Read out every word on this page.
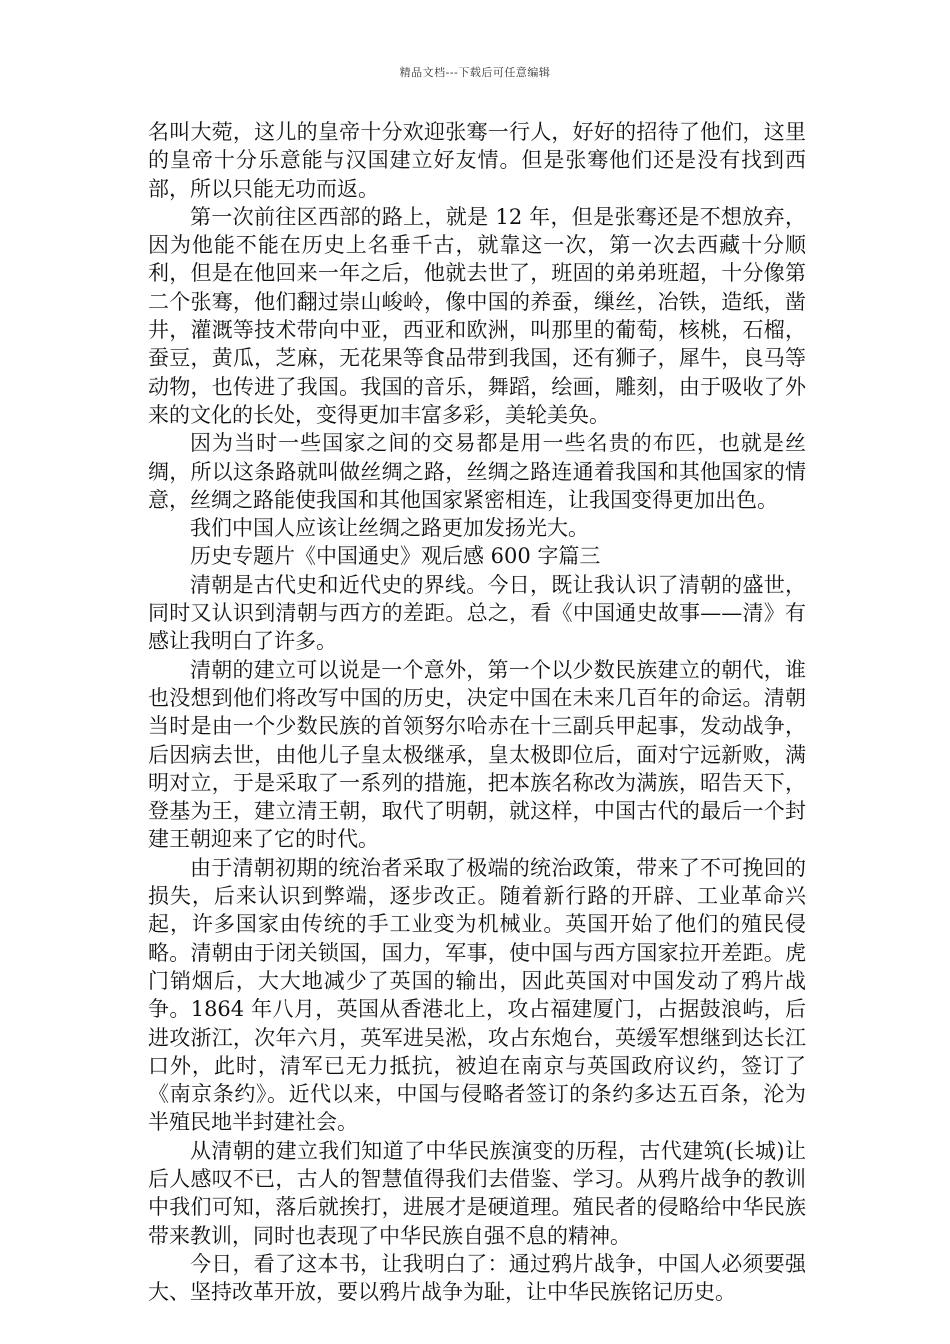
精品文档---下载后可任意编辑

名叫大菀，这儿的皇帝十分欢迎张骞一行人，好好的招待了他们，这里的皇帝十分乐意能与汉国建立好友情。但是张骞他们还是没有找到西部，所以只能无功而返。

第一次前往区西部的路上，就是 12 年，但是张骞还是不想放弃，因为他能不能在历史上名垂千古，就靠这一次，第一次去西藏十分顺利，但是在他回来一年之后，他就去世了，班固的弟弟班超，十分像第二个张骞，他们翻过崇山峻岭，像中国的养蚕，缫丝，冶铁，造纸，凿井，灌溉等技术带向中亚，西亚和欧洲，叫那里的葡萄，核桃，石榴，蚕豆，黄瓜，芝麻，无花果等食品带到我国，还有狮子，犀牛，良马等动物，也传进了我国。我国的音乐，舞蹈，绘画，雕刻，由于吸收了外来的文化的长处，变得更加丰富多彩，美轮美奂。

因为当时一些国家之间的交易都是用一些名贵的布匹，也就是丝绸，所以这条路就叫做丝绸之路，丝绸之路连通着我国和其他国家的情意，丝绸之路能使我国和其他国家紧密相连，让我国变得更加出色。

我们中国人应该让丝绸之路更加发扬光大。

历史专题片《中国通史》观后感 600 字篇三

清朝是古代史和近代史的界线。今日，既让我认识了清朝的盛世，同时又认识到清朝与西方的差距。总之，看《中国通史故事——清》有感让我明白了许多。

清朝的建立可以说是一个意外，第一个以少数民族建立的朝代，谁也没想到他们将改写中国的历史，决定中国在未来几百年的命运。清朝当时是由一个少数民族的首领努尔哈赤在十三副兵甲起事，发动战争，后因病去世，由他儿子皇太极继承，皇太极即位后，面对宁远新败，满明对立，于是采取了一系列的措施，把本族名称改为满族，昭告天下，登基为王，建立清王朝，取代了明朝，就这样，中国古代的最后一个封建王朝迎来了它的时代。

由于清朝初期的统治者采取了极端的统治政策，带来了不可挽回的损失，后来认识到弊端，逐步改正。随着新行路的开辟、工业革命兴起，许多国家由传统的手工业变为机械业。英国开始了他们的殖民侵略。清朝由于闭关锁国，国力，军事，使中国与西方国家拉开差距。虎门销烟后，大大地减少了英国的输出，因此英国对中国发动了鸦片战争。1864 年八月，英国从香港北上，攻占福建厦门，占据鼓浪屿，后进攻浙江，次年六月，英军进吴淞，攻占东炮台，英缓军想继到达长江口外，此时，清军已无力抵抗，被迫在南京与英国政府议约，签订了《南京条约》。近代以来，中国与侵略者签订的条约多达五百条，沦为半殖民地半封建社会。

从清朝的建立我们知道了中华民族演变的历程，古代建筑(长城)让后人感叹不已，古人的智慧值得我们去借鉴、学习。从鸦片战争的教训中我们可知，落后就挨打，进展才是硬道理。殖民者的侵略给中华民族带来教训，同时也表现了中华民族自强不息的精神。

今日，看了这本书，让我明白了：通过鸦片战争，中国人必须要强大、坚持改革开放，要以鸦片战争为耻，让中华民族铭记历史。
